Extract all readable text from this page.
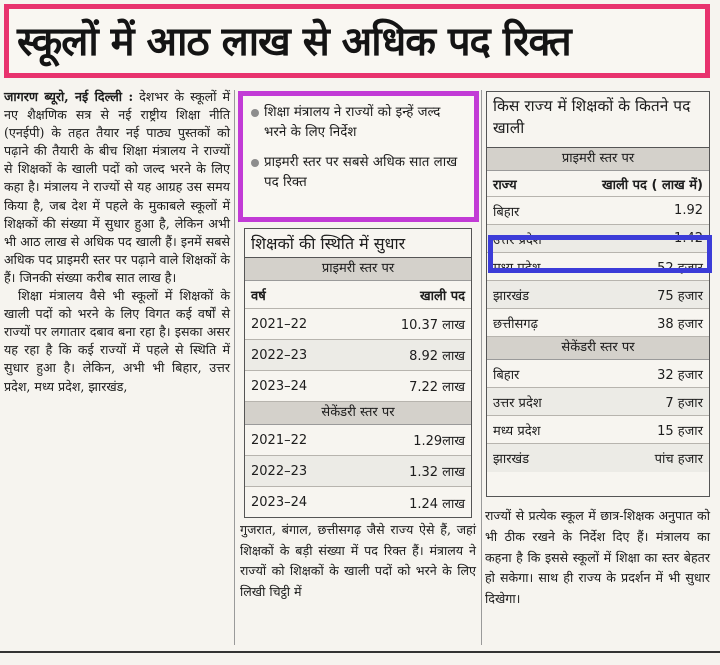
स्कूलों में आठ लाख से अधिक पद रिक्त

जागरण ब्यूरो, नई दिल्ली : देशभर के स्कूलों में नए शैक्षणिक सत्र से नई राष्ट्रीय शिक्षा नीति (एनईपी) के तहत तैयार नई पाठ्य पुस्तकों को पढ़ाने की तैयारी के बीच शिक्षा मंत्रालय ने राज्यों से शिक्षकों के खाली पदों को जल्द भरने के लिए कहा है। मंत्रालय ने राज्यों से यह आग्रह उस समय किया है, जब देश में पहले के मुकाबले स्कूलों में शिक्षकों की संख्या में सुधार हुआ है, लेकिन अभी भी आठ लाख से अधिक पद खाली हैं। इनमें सबसे अधिक पद प्राइमरी स्तर पर पढ़ाने वाले शिक्षकों के हैं। जिनकी संख्या करीब सात लाख है।

शिक्षा मंत्रालय वैसे भी स्कूलों में शिक्षकों के खाली पदों को भरने के लिए विगत कई वर्षों से राज्यों पर लगातार दबाव बना रहा है। इसका असर यह रहा है कि कई राज्यों में पहले से स्थिति में सुधार हुआ है। लेकिन, अभी भी बिहार, उत्तर प्रदेश, मध्य प्रदेश, झारखंड,

शिक्षा मंत्रालय ने राज्यों को इन्हें जल्द भरने के लिए निर्देश
प्राइमरी स्तर पर सबसे अधिक सात लाख पद रिक्त
शिक्षकों की स्थिति में सुधार
प्राइमरी स्तर पर
वर्ष	खाली पद
2021–22	10.37 लाख
2022–23	8.92 लाख
2023–24	7.22 लाख
सेकेंडरी स्तर पर
2021–22	1.29लाख
2022–23	1.32 लाख
2023–24	1.24 लाख
किस राज्य में शिक्षकों के कितने पद खाली
प्राइमरी स्तर पर
राज्य	खाली पद ( लाख में)
बिहार	1.92
उत्तर प्रदेश	1.42
मध्य प्रदेश	52 हजार
झारखंड	75 हजार
छत्तीसगढ़	38 हजार
सेकेंडरी स्तर पर
बिहार	32 हजार
उत्तर प्रदेश	7 हजार
मध्य प्रदेश	15 हजार
झारखंड	पांच हजार

गुजरात, बंगाल, छत्तीसगढ़ जैसे राज्य ऐसे हैं, जहां शिक्षकों के बड़ी संख्या में पद रिक्त हैं। मंत्रालय ने राज्यों को शिक्षकों के खाली पदों को भरने के लिए लिखी चिट्ठी में

राज्यों से प्रत्येक स्कूल में छात्र-शिक्षक अनुपात को भी ठीक रखने के निर्देश दिए हैं। मंत्रालय का कहना है कि इससे स्कूलों में शिक्षा का स्तर बेहतर हो सकेगा। साथ ही राज्य के प्रदर्शन में भी सुधार दिखेगा।
